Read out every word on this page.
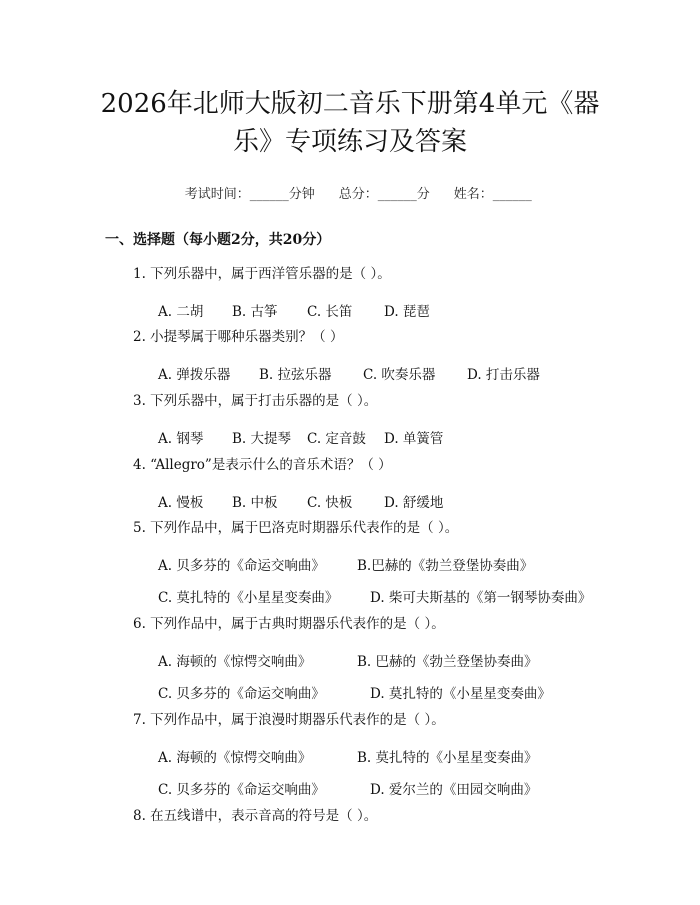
2026年北师大版初二音乐下册第4单元《器
乐》专项练习及答案

考试时间：______分钟 总分：______分 姓名：______

一、选择题（每小题2分，共20分）
1. 下列乐器中，属于西洋管乐器的是（ ）。
A. 二胡 B. 古筝 C. 长笛 D. 琵琶
2. 小提琴属于哪种乐器类别？（ ）
A. 弹拨乐器 B. 拉弦乐器 C. 吹奏乐器 D. 打击乐器
3. 下列乐器中，属于打击乐器的是（ ）。
A. 钢琴 B. 大提琴 C. 定音鼓 D. 单簧管
4. “Allegro”是表示什么的音乐术语？（ ）
A. 慢板 B. 中板 C. 快板 D. 舒缓地
5. 下列作品中，属于巴洛克时期器乐代表作的是（ ）。
A. 贝多芬的《命运交响曲》 B.巴赫的《勃兰登堡协奏曲》
C. 莫扎特的《小星星变奏曲》 D. 柴可夫斯基的《第一钢琴协奏曲》
6. 下列作品中，属于古典时期器乐代表作的是（ ）。
A. 海顿的《惊愕交响曲》	B. 巴赫的《勃兰登堡协奏曲》
C. 贝多芬的《命运交响曲》	D. 莫扎特的《小星星变奏曲》
7. 下列作品中，属于浪漫时期器乐代表作的是（ ）。
A. 海顿的《惊愕交响曲》	B. 莫扎特的《小星星变奏曲》
C. 贝多芬的《命运交响曲》	D. 爱尔兰的《田园交响曲》
8. 在五线谱中，表示音高的符号是（ ）。
